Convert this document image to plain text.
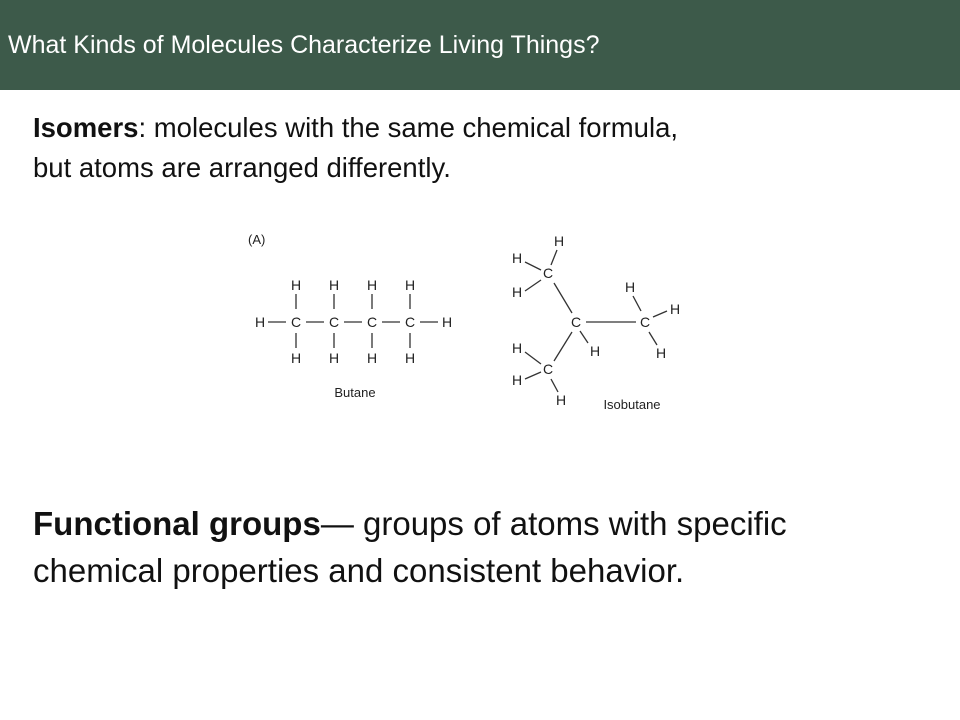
What Kinds of Molecules Characterize Living Things?

Isomers: molecules with the same chemical formula,
but atoms are arranged differently.

(A)
H C C C C H
H H H H
H H H H
Butane
C
H
C
H
H
H
C
H
H
H
C
H
H
H
Isobutane

Functional groups— groups of atoms with specific
chemical properties and consistent behavior.
